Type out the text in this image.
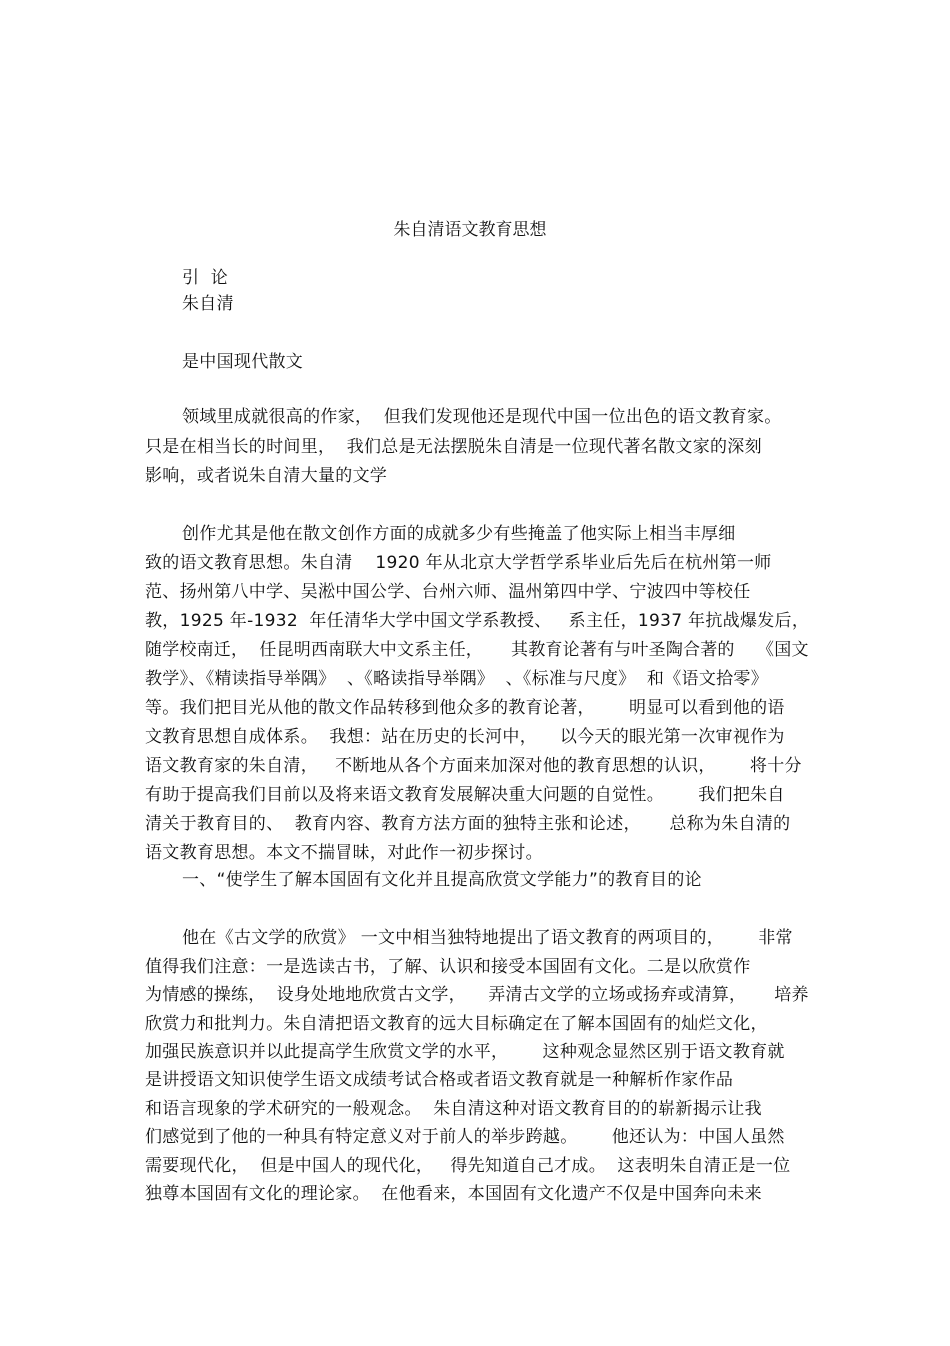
朱自清语文教育思想
引  论
朱自清
是中国现代散文
领域里成就很高的作家，  但我们发现他还是现代中国一位出色的语文教育家。
只是在相当长的时间里，  我们总是无法摆脱朱自清是一位现代著名散文家的深刻
影响，或者说朱自清大量的文学
创作尤其是他在散文创作方面的成就多少有些掩盖了他实际上相当丰厚细
致的语文教育思想。朱自清    1920 年从北京大学哲学系毕业后先后在杭州第一师
范、扬州第八中学、吴淞中国公学、台州六师、温州第四中学、宁波四中等校任
教，1925 年-1932  年任清华大学中国文学系教授、   系主任，1937 年抗战爆发后，
随学校南迁，  任昆明西南联大中文系主任，     其教育论著有与叶圣陶合著的    《国文
教学》、《精读指导举隅》  、《略读指导举隅》  、《标准与尺度》  和《语文拾零》
等。我们把目光从他的散文作品转移到他众多的教育论著，      明显可以看到他的语
文教育思想自成体系。  我想：站在历史的长河中，    以今天的眼光第一次审视作为
语文教育家的朱自清，   不断地从各个方面来加深对他的教育思想的认识，      将十分
有助于提高我们目前以及将来语文教育发展解决重大问题的自觉性。      我们把朱自
清关于教育目的、  教育内容、教育方法方面的独特主张和论述，     总称为朱自清的
语文教育思想。本文不揣冒昧，对此作一初步探讨。
一、“使学生了解本国固有文化并且提高欣赏文学能力”的教育目的论
他在《古文学的欣赏》 一文中相当独特地提出了语文教育的两项目的，      非常
值得我们注意：一是选读古书，了解、认识和接受本国固有文化。二是以欣赏作
为情感的操练，  设身处地地欣赏古文学，    弄清古文学的立场或扬弃或清算，     培养
欣赏力和批判力。朱自清把语文教育的远大目标确定在了解本国固有的灿烂文化，
加强民族意识并以此提高学生欣赏文学的水平，      这种观念显然区别于语文教育就
是讲授语文知识使学生语文成绩考试合格或者语文教育就是一种解析作家作品
和语言现象的学术研究的一般观念。  朱自清这种对语文教育目的的崭新揭示让我
们感觉到了他的一种具有特定意义对于前人的举步跨越。      他还认为：中国人虽然
需要现代化，  但是中国人的现代化，   得先知道自己才成。  这表明朱自清正是一位
独尊本国固有文化的理论家。  在他看来，本国固有文化遗产不仅是中国奔向未来
